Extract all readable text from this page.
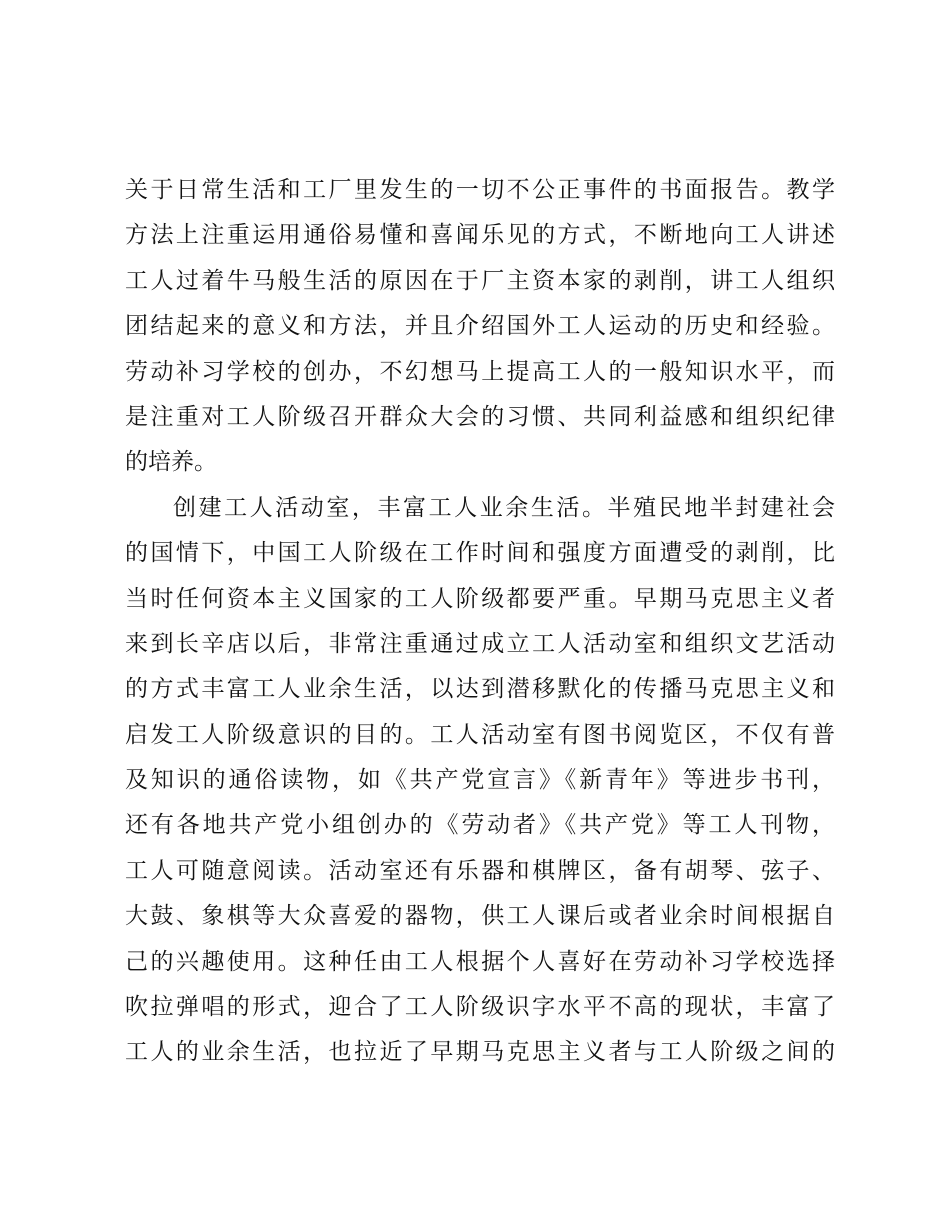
关于日常生活和工厂里发生的一切不公正事件的书面报告。教学
方法上注重运用通俗易懂和喜闻乐见的方式，不断地向工人讲述
工人过着牛马般生活的原因在于厂主资本家的剥削，讲工人组织
团结起来的意义和方法，并且介绍国外工人运动的历史和经验。
劳动补习学校的创办，不幻想马上提高工人的一般知识水平，而
是注重对工人阶级召开群众大会的习惯、共同利益感和组织纪律
的培养。
创建工人活动室，丰富工人业余生活。半殖民地半封建社会
的国情下，中国工人阶级在工作时间和强度方面遭受的剥削，比
当时任何资本主义国家的工人阶级都要严重。早期马克思主义者
来到长辛店以后，非常注重通过成立工人活动室和组织文艺活动
的方式丰富工人业余生活，以达到潜移默化的传播马克思主义和
启发工人阶级意识的目的。工人活动室有图书阅览区，不仅有普
及知识的通俗读物，如《共产党宣言》《新青年》等进步书刊，
还有各地共产党小组创办的《劳动者》《共产党》等工人刊物，
工人可随意阅读。活动室还有乐器和棋牌区，备有胡琴、弦子、
大鼓、象棋等大众喜爱的器物，供工人课后或者业余时间根据自
己的兴趣使用。这种任由工人根据个人喜好在劳动补习学校选择
吹拉弹唱的形式，迎合了工人阶级识字水平不高的现状，丰富了
工人的业余生活，也拉近了早期马克思主义者与工人阶级之间的
